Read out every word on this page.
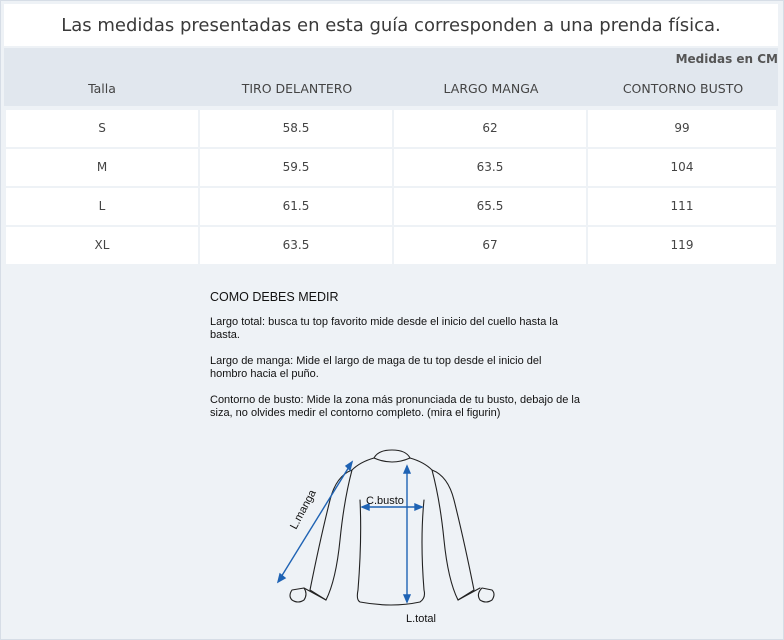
Las medidas presentadas en esta guía corresponden a una prenda física.
Talla	TIRO DELANTERO	LARGO MANGA	CONTORNO BUSTO
S	58.5	62	99
M	59.5	63.5	104
L	61.5	65.5	111
XL	63.5	67	119
Medidas en CM
COMO DEBES MEDIR

Largo total: busca tu top favorito mide desde el inicio del cuello hasta la basta.

Largo de manga: Mide el largo de maga de tu top desde el inicio del hombro hacia el puño.

Contorno de busto: Mide la zona más pronunciada de tu busto, debajo de la siza, no olvides medir el contorno completo. (mira el figurin)

L.manga	C.busto
L.total
